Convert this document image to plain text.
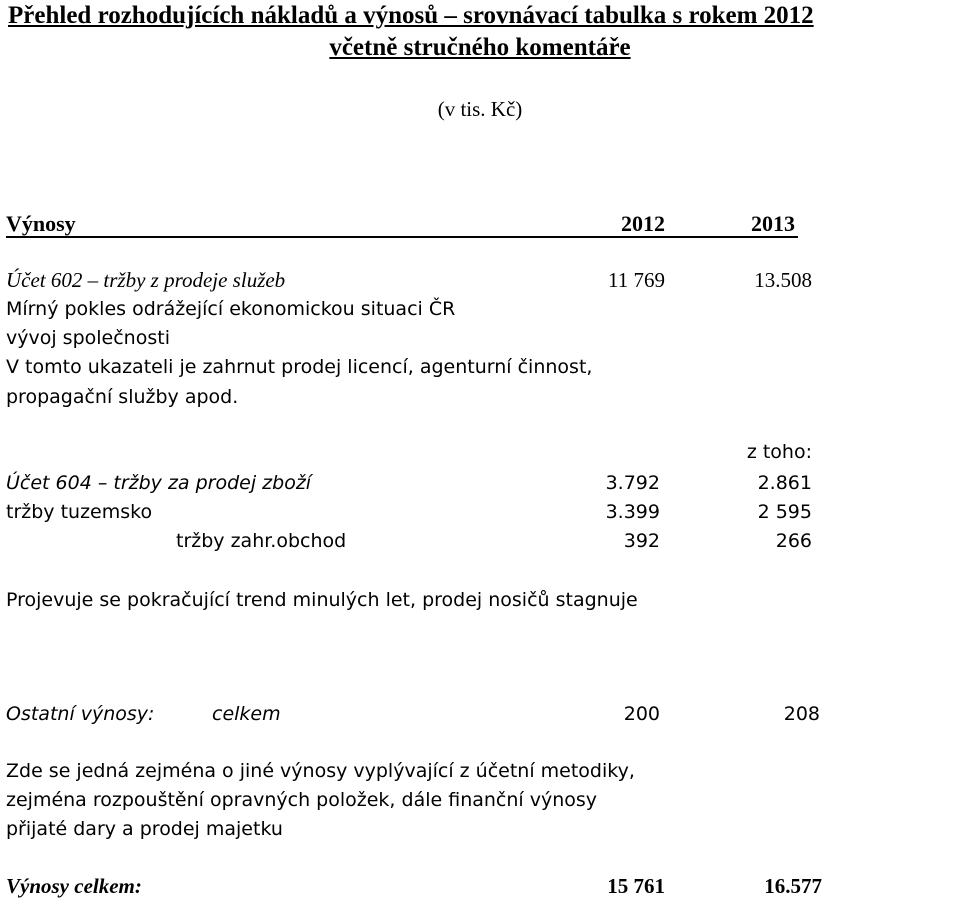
Přehled rozhodujících nákladů a výnosů – srovnávací tabulka s rokem 2012
včetně stručného komentáře
(v tis. Kč)
Výnosy	2012	2013
Účet 602 – tržby z prodeje služeb	11 769	13.508
Mírný pokles odrážející ekonomickou situaci ČR
vývoj společnosti
V tomto ukazateli je zahrnut prodej licencí, agenturní činnost,
propagační služby apod.
z toho:
Účet 604 – tržby za prodej zboží	3.792	2.861
tržby tuzemsko	3.399	2 595
tržby zahr.obchod	392	266
Projevuje se pokračující trend minulých let, prodej nosičů stagnuje
Ostatní výnosy:	celkem	200	208
Zde se jedná zejména o jiné výnosy vyplývající z účetní metodiky,
zejména rozpouštění opravných položek, dále finanční výnosy
přijaté dary a prodej majetku
Výnosy celkem:	15 761	16.577
